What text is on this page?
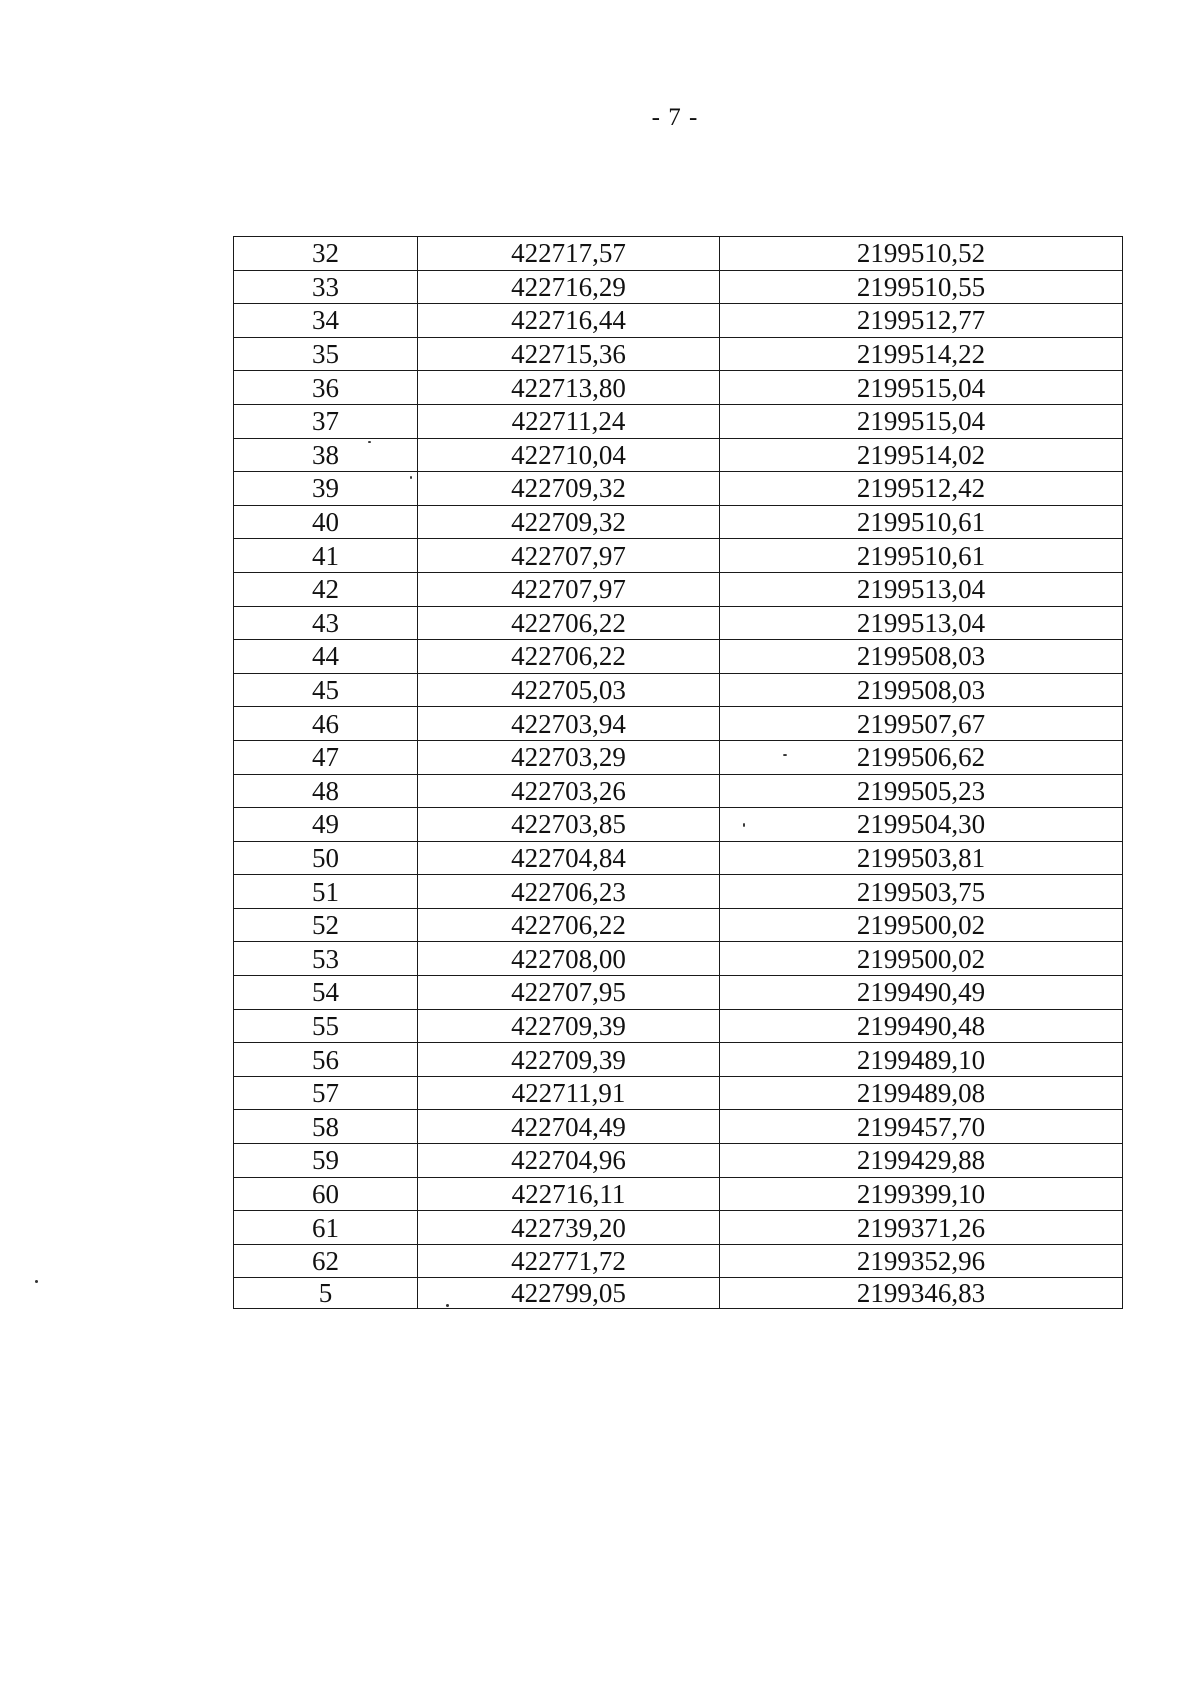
- 7 -
32	422717,57	2199510,52
33	422716,29	2199510,55
34	422716,44	2199512,77
35	422715,36	2199514,22
36	422713,80	2199515,04
37	422711,24	2199515,04
38	422710,04	2199514,02
39	422709,32	2199512,42
40	422709,32	2199510,61
41	422707,97	2199510,61
42	422707,97	2199513,04
43	422706,22	2199513,04
44	422706,22	2199508,03
45	422705,03	2199508,03
46	422703,94	2199507,67
47	422703,29	2199506,62
48	422703,26	2199505,23
49	422703,85	2199504,30
50	422704,84	2199503,81
51	422706,23	2199503,75
52	422706,22	2199500,02
53	422708,00	2199500,02
54	422707,95	2199490,49
55	422709,39	2199490,48
56	422709,39	2199489,10
57	422711,91	2199489,08
58	422704,49	2199457,70
59	422704,96	2199429,88
60	422716,11	2199399,10
61	422739,20	2199371,26
62	422771,72	2199352,96
5	422799,05	2199346,83
